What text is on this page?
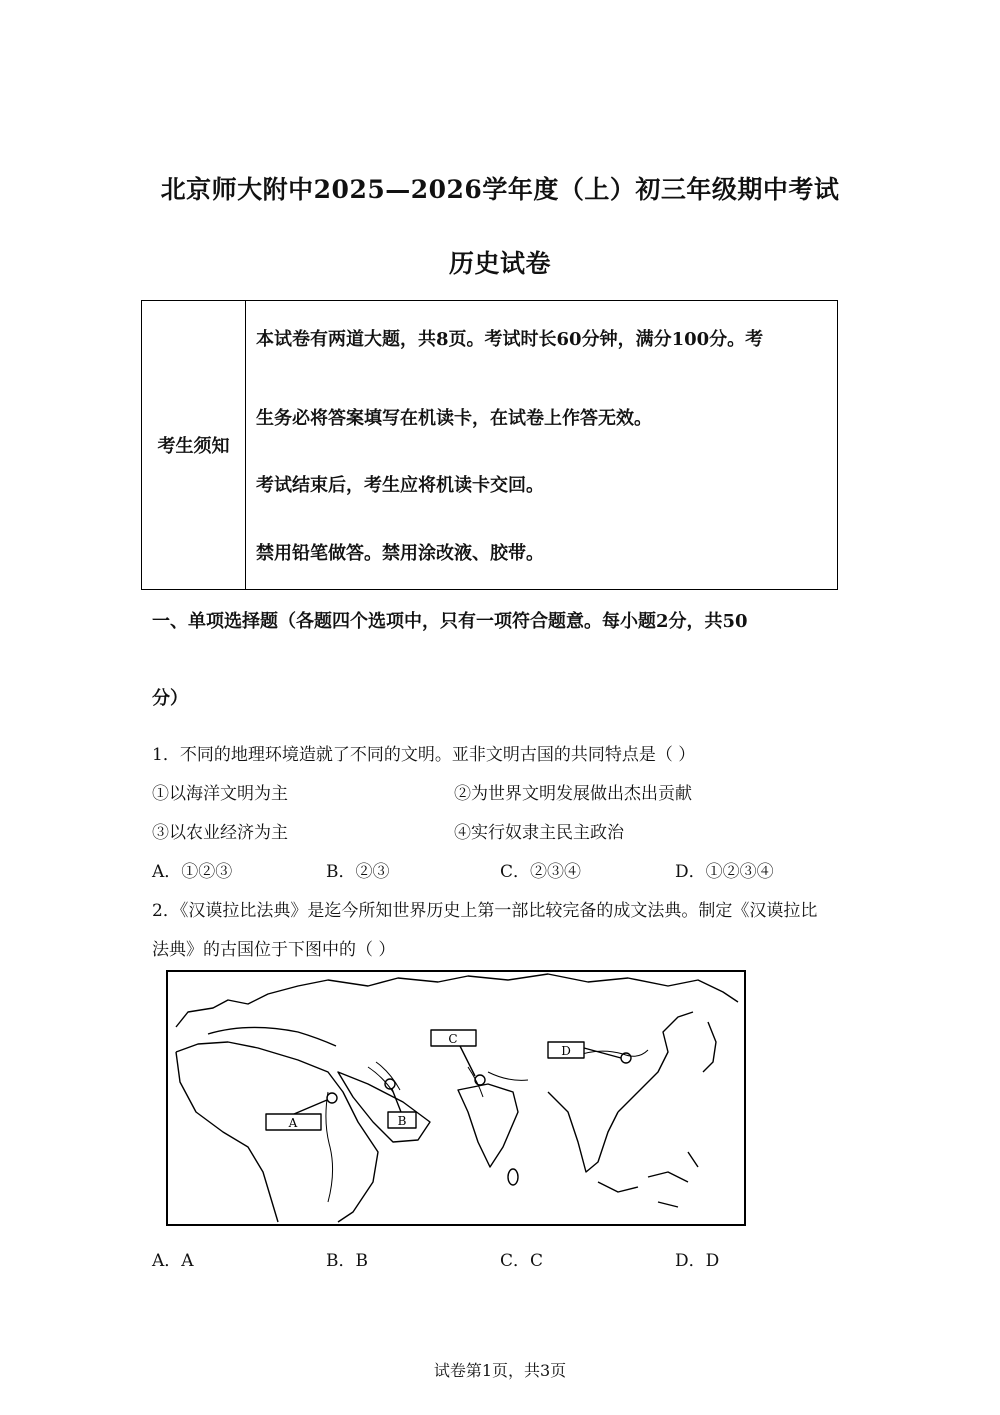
北京师大附中2025—2026学年度（上）初三年级期中考试
历史试卷
考生须知
本试卷有两道大题，共8页。考试时长60分钟，满分100分。考
生务必将答案填写在机读卡，在试卷上作答无效。
考试结束后，考生应将机读卡交回。
禁用铅笔做答。禁用涂改液、胶带。
一、单项选择题（各题四个选项中，只有一项符合题意。每小题2分，共50
分）
1．不同的地理环境造就了不同的文明。亚非文明古国的共同特点是（ ）
①以海洋文明为主	②为世界文明发展做出杰出贡献
③以农业经济为主	④实行奴隶主民主政治
A．①②③	B．②③	C．②③④	D．①②③④
2．《汉谟拉比法典》是迄今所知世界历史上第一部比较完备的成文法典。制定《汉谟拉比
法典》的古国位于下图中的（ ）
A	B
C
D
A．A	B．B	C．C	D．D
试卷第1页，共3页
